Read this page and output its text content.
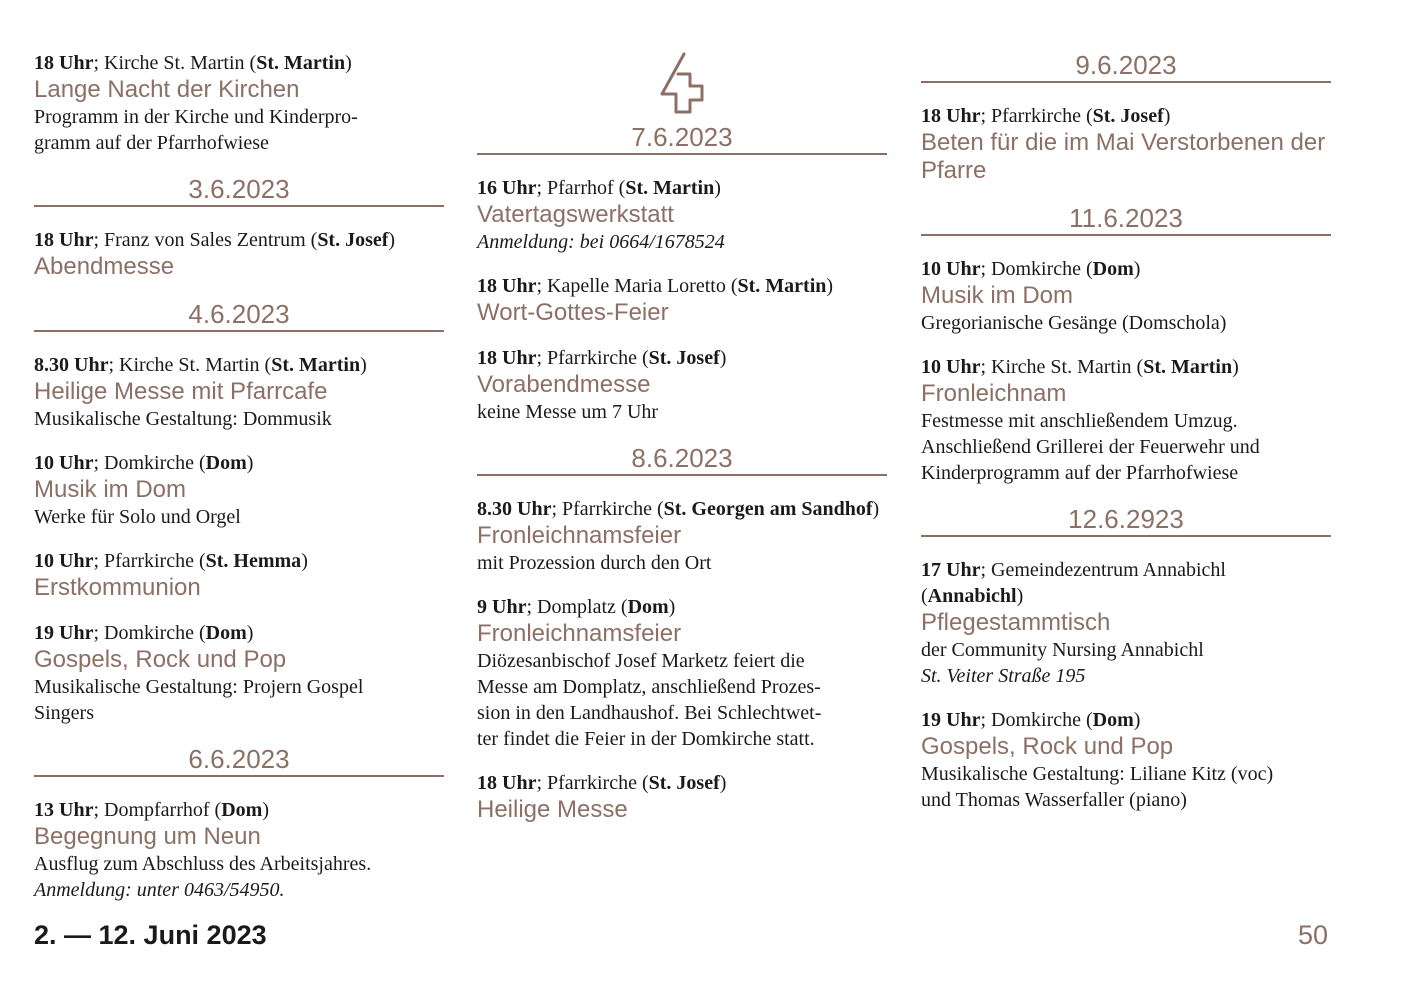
18 Uhr; Kirche St. Martin (St. Martin)
Lange Nacht der Kirchen
Programm in der Kirche und Kinderpro-
gramm auf der Pfarrhofwiese
3.6.2023
18 Uhr; Franz von Sales Zentrum (St. Josef)
Abendmesse
4.6.2023
8.30 Uhr; Kirche St. Martin (St. Martin)
Heilige Messe mit Pfarrcafe
Musikalische Gestaltung: Dommusik
10 Uhr; Domkirche (Dom)
Musik im Dom
Werke für Solo und Orgel
10 Uhr; Pfarrkirche (St. Hemma)
Erstkommunion
19 Uhr; Domkirche (Dom)
Gospels, Rock und Pop
Musikalische Gestaltung: Projern Gospel
Singers
6.6.2023
13 Uhr; Dompfarrhof (Dom)
Begegnung um Neun
Ausflug zum Abschluss des Arbeitsjahres.
Anmeldung: unter 0463/54950.
7.6.2023
16 Uhr; Pfarrhof (St. Martin)
Vatertagswerkstatt
Anmeldung: bei 0664/1678524
18 Uhr; Kapelle Maria Loretto (St. Martin)
Wort-Gottes-Feier
18 Uhr; Pfarrkirche (St. Josef)
Vorabendmesse
keine Messe um 7 Uhr
8.6.2023
8.30 Uhr; Pfarrkirche (St. Georgen am Sandhof)
Fronleichnamsfeier
mit Prozession durch den Ort
9 Uhr; Domplatz (Dom)
Fronleichnamsfeier
Diözesanbischof Josef Marketz feiert die
Messe am Domplatz, anschließend Prozes-
sion in den Landhaushof. Bei Schlechtwet-
ter findet die Feier in der Domkirche statt.
18 Uhr; Pfarrkirche (St. Josef)
Heilige Messe
9.6.2023
18 Uhr; Pfarrkirche (St. Josef)
Beten für die im Mai Verstorbenen der Pfarre
11.6.2023
10 Uhr; Domkirche (Dom)
Musik im Dom
Gregorianische Gesänge (Domschola)
10 Uhr; Kirche St. Martin (St. Martin)
Fronleichnam
Festmesse mit anschließendem Umzug.
Anschließend Grillerei der Feuerwehr und
Kinderprogramm auf der Pfarrhofwiese
12.6.2923
17 Uhr; Gemeindezentrum Annabichl (Annabichl)
Pflegestammtisch
der Community Nursing Annabichl
St. Veiter Straße 195
19 Uhr; Domkirche (Dom)
Gospels, Rock und Pop
Musikalische Gestaltung: Liliane Kitz (voc)
und Thomas Wasserfaller (piano)
2. — 12. Juni 2023	50
